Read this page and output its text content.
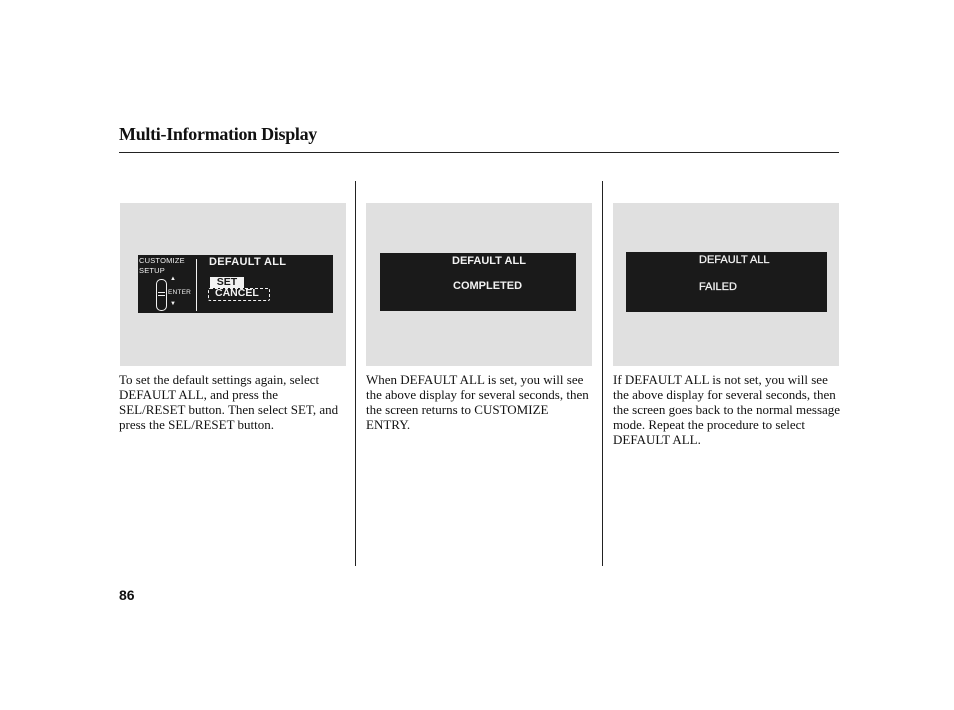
Multi-Information Display
CUSTOMIZE
SETUP
▲
ENTER
▼
DEFAULT ALL
SET
CANCEL
DEFAULT ALL
COMPLETED
DEFAULT ALL
FAILED

To set the default settings again, select DEFAULT ALL, and press the SEL/RESET button. Then select SET, and press the SEL/RESET button.

When DEFAULT ALL is set, you will see the above display for several seconds, then the screen returns to CUSTOMIZE ENTRY.

If DEFAULT ALL is not set, you will see the above display for several seconds, then the screen goes back to the normal message mode. Repeat the procedure to select DEFAULT ALL.

86
